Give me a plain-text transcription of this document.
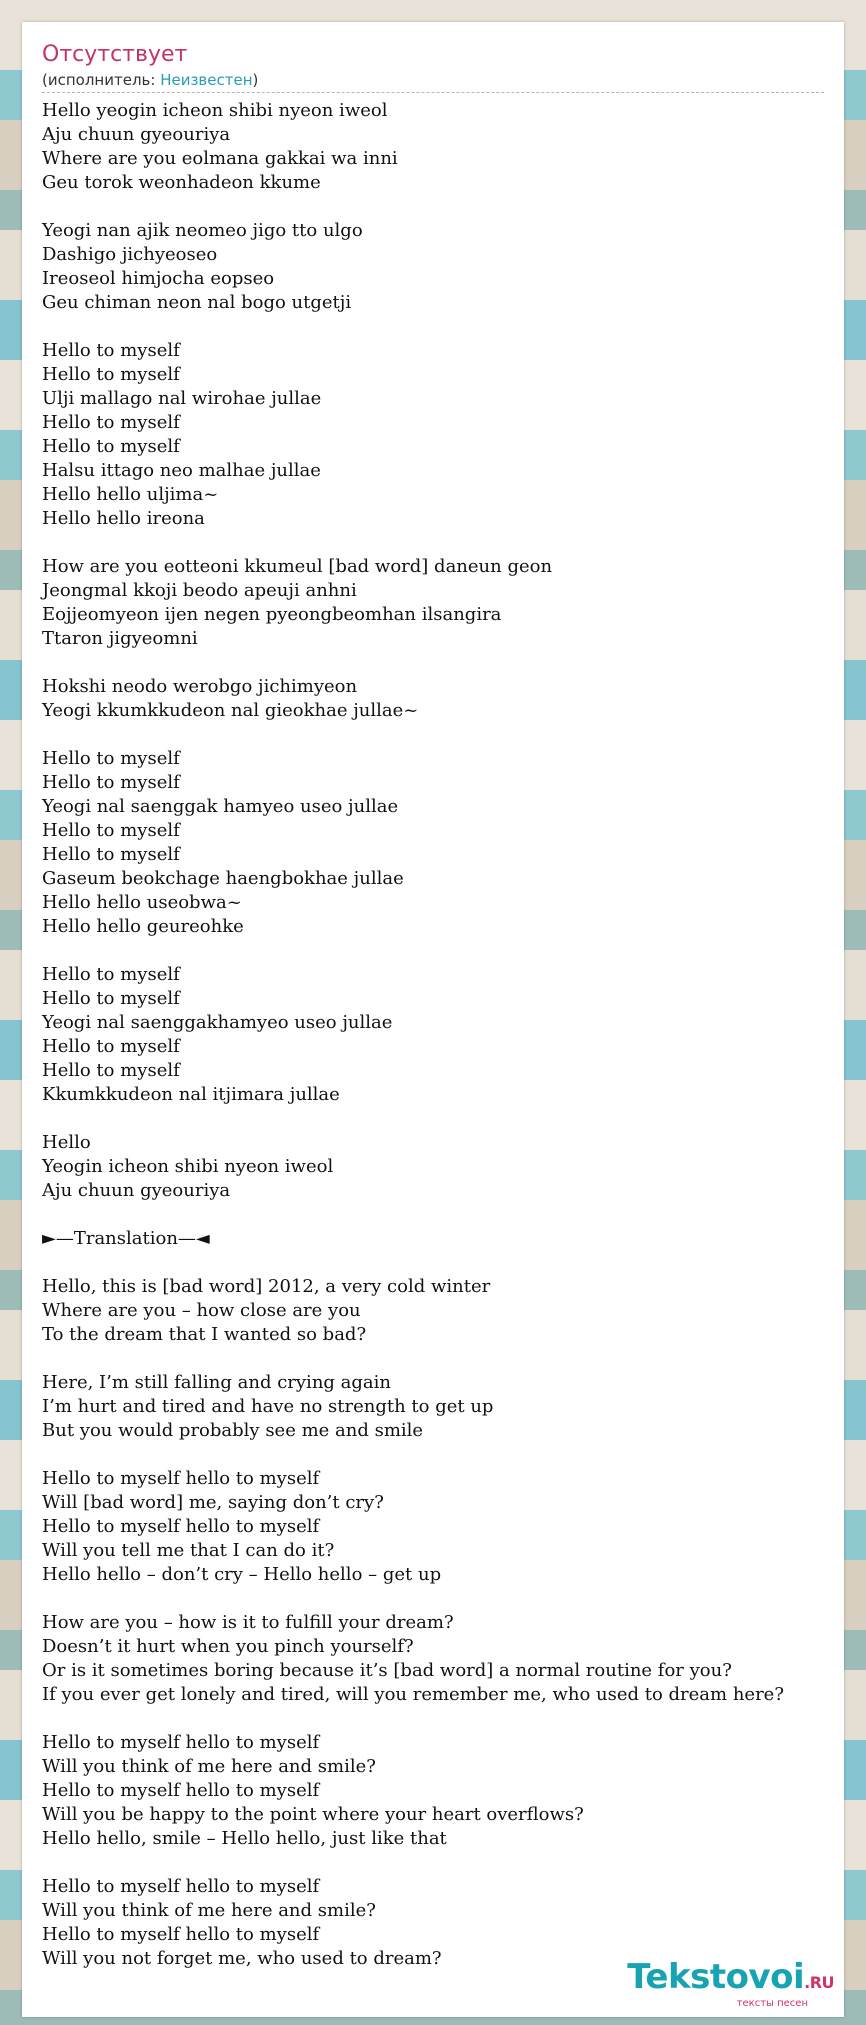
Отсутствует
(исполнитель: Неизвестен)
Hello yeogin icheon shibi nyeon iweol
Aju chuun gyeouriya
Where are you eolmana gakkai wa inni
Geu torok weonhadeon kkume
Yeogi nan ajik neomeo jigo tto ulgo
Dashigo jichyeoseo
Ireoseol himjocha eopseo
Geu chiman neon nal bogo utgetji
Hello to myself
Hello to myself
Ulji mallago nal wirohae jullae
Hello to myself
Hello to myself
Halsu ittago neo malhae jullae
Hello hello uljima~
Hello hello ireona
How are you eotteoni kkumeul [bad word] daneun geon
Jeongmal kkoji beodo apeuji anhni
Eojjeomyeon ijen negen pyeongbeomhan ilsangira
Ttaron jigyeomni
Hokshi neodo werobgo jichimyeon
Yeogi kkumkkudeon nal gieokhae jullae~
Hello to myself
Hello to myself
Yeogi nal saenggak hamyeo useo jullae
Hello to myself
Hello to myself
Gaseum beokchage haengbokhae jullae
Hello hello useobwa~
Hello hello geureohke
Hello to myself
Hello to myself
Yeogi nal saenggakhamyeo useo jullae
Hello to myself
Hello to myself
Kkumkkudeon nal itjimara jullae
Hello
Yeogin icheon shibi nyeon iweol
Aju chuun gyeouriya
►—Translation—◄
Hello, this is [bad word] 2012, a very cold winter
Where are you – how close are you
To the dream that I wanted so bad?
Here, I’m still falling and crying again
I’m hurt and tired and have no strength to get up
But you would probably see me and smile
Hello to myself hello to myself
Will [bad word] me, saying don’t cry?
Hello to myself hello to myself
Will you tell me that I can do it?
Hello hello – don’t cry – Hello hello – get up
How are you – how is it to fulfill your dream?
Doesn’t it hurt when you pinch yourself?
Or is it sometimes boring because it’s [bad word] a normal routine for you?
If you ever get lonely and tired, will you remember me, who used to dream here?
Hello to myself hello to myself
Will you think of me here and smile?
Hello to myself hello to myself
Will you be happy to the point where your heart overflows?
Hello hello, smile – Hello hello, just like that
Hello to myself hello to myself
Will you think of me here and smile?
Hello to myself hello to myself
Will you not forget me, who used to dream?	Tekstovoi.RU
тексты песен
